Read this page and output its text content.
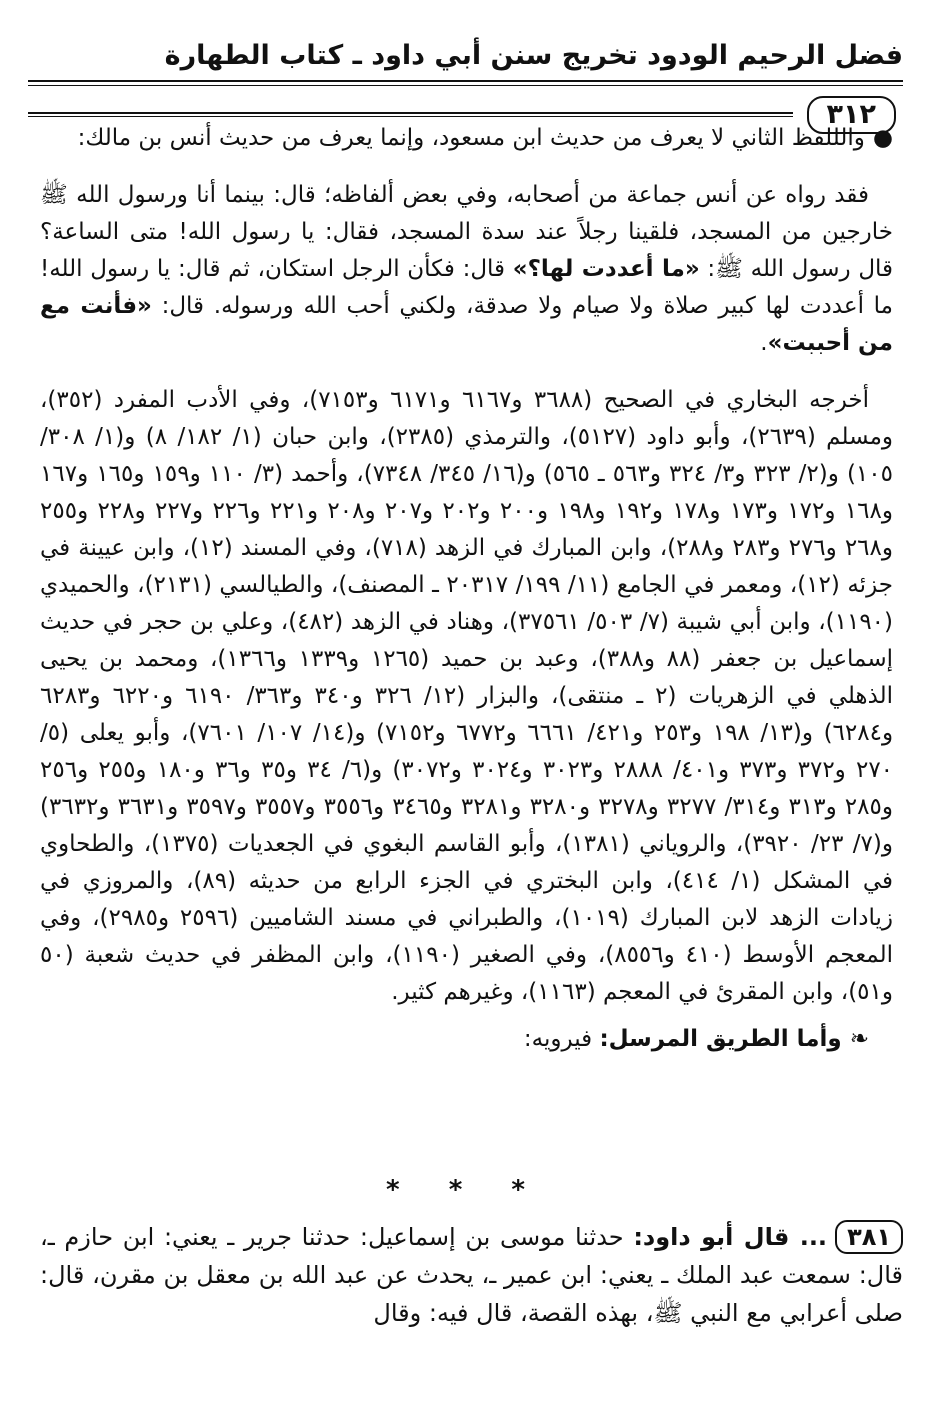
فضل الرحيم الودود تخريج سنن أبي داود ـ كتاب الطهارة
٣١٢

● والللفظ الثاني لا يعرف من حديث ابن مسعود، وإنما يعرف من حديث أنس بن مالك:

فقد رواه عن أنس جماعة من أصحابه، وفي بعض ألفاظه؛ قال: بينما أنا ورسول الله ﷺ خارجين من المسجد، فلقينا رجلاً عند سدة المسجد، فقال: يا رسول الله! متى الساعة؟ قال رسول الله ﷺ: «ما أعددت لها؟» قال: فكأن الرجل استكان، ثم قال: يا رسول الله! ما أعددت لها كبير صلاة ولا صيام ولا صدقة، ولكني أحب الله ورسوله. قال: «فأنت مع من أحببت».

أخرجه البخاري في الصحيح (٣٦٨٨ و٦١٦٧ و٦١٧١ و٧١٥٣)، وفي الأدب المفرد (٣٥٢)، ومسلم (٢٦٣٩)، وأبو داود (٥١٢٧)، والترمذي (٢٣٨٥)، وابن حبان (١/ ١٨٢/ ٨) و(١/ ٣٠٨/ ١٠٥) و(٢/ ٣٢٣ و٣/ ٣٢٤ و٥٦٣ ـ ٥٦٥) و(١٦/ ٣٤٥/ ٧٣٤٨)، وأحمد (٣/ ١١٠ و١٥٩ و١٦٥ و١٦٧ و١٦٨ و١٧٢ و١٧٣ و١٧٨ و١٩٢ و١٩٨ و٢٠٠ و٢٠٢ و٢٠٧ و٢٠٨ و٢٢١ و٢٢٦ و٢٢٧ و٢٢٨ و٢٥٥ و٢٦٨ و٢٧٦ و٢٨٣ و٢٨٨)، وابن المبارك في الزهد (٧١٨)، وفي المسند (١٢)، وابن عيينة في جزئه (١٢)، ومعمر في الجامع (١١/ ١٩٩/ ٢٠٣١٧ ـ المصنف)، والطيالسي (٢١٣١)، والحميدي (١١٩٠)، وابن أبي شيبة (٧/ ٥٠٣/ ٣٧٥٦١)، وهناد في الزهد (٤٨٢)، وعلي بن حجر في حديث إسماعيل بن جعفر (٨٨ و٣٨٨)، وعبد بن حميد (١٢٦٥ و١٣٣٩ و١٣٦٦)، ومحمد بن يحيى الذهلي في الزهريات (٢ ـ منتقى)، والبزار (١٢/ ٣٢٦ و٣٤٠ و٣٦٣/ ٦١٩٠ و٦٢٢٠ و٦٢٨٣ و٦٢٨٤) و(١٣/ ١٩٨ و٢٥٣ و٤٢١/ ٦٦٦١ و٦٧٧٢ و٧١٥٢) و(١٤/ ١٠٧/ ٧٦٠١)، وأبو يعلى (٥/ ٢٧٠ و٣٧٢ و٣٧٣ و٤٠١/ ٢٨٨٨ و٣٠٢٣ و٣٠٢٤ و٣٠٧٢) و(٦/ ٣٤ و٣٥ و٣٦ و١٨٠ و٢٥٥ و٢٥٦ و٢٨٥ و٣١٣ و٣١٤/ ٣٢٧٧ و٣٢٧٨ و٣٢٨٠ و٣٢٨١ و٣٤٦٥ و٣٥٥٦ و٣٥٥٧ و٣٥٩٧ و٣٦٣١ و٣٦٣٢) و(٧/ ٢٣/ ٣٩٢٠)، والروياني (١٣٨١)، وأبو القاسم البغوي في الجعديات (١٣٧٥)، والطحاوي في المشكل (١/ ٤١٤)، وابن البختري في الجزء الرابع من حديثه (٨٩)، والمروزي في زيادات الزهد لابن المبارك (١٠١٩)، والطبراني في مسند الشاميين (٢٥٩٦ و٢٩٨٥)، وفي المعجم الأوسط (٤١٠ و٨٥٥٦)، وفي الصغير (١١٩٠)، وابن المظفر في حديث شعبة (٥٠ و٥١)، وابن المقرئ في المعجم (١١٦٣)، وغيرهم كثير.

❧ وأما الطريق المرسل: فيرويه:

* * *
٣٨١... قال أبو داود: حدثنا موسى بن إسماعيل: حدثنا جرير ـ يعني: ابن حازم ـ، قال: سمعت عبد الملك ـ يعني: ابن عمير ـ، يحدث عن عبد الله بن معقل بن مقرن، قال: صلى أعرابي مع النبي ﷺ، بهذه القصة، قال فيه: وقال
